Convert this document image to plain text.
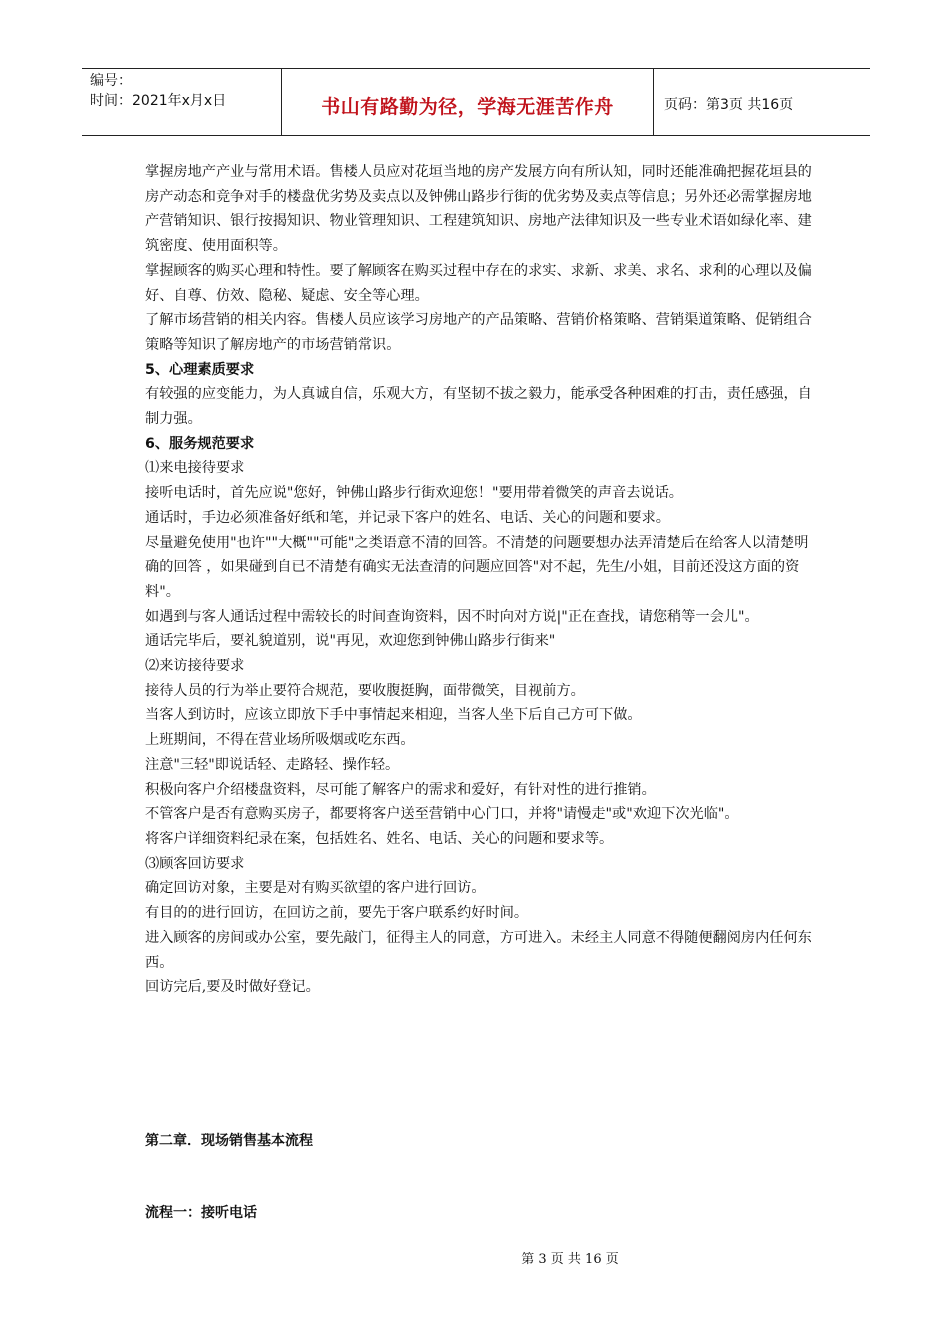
编号：
时间：2021年x月x日	书山有路勤为径，学海无涯苦作舟	页码：第3页 共16页

掌握房地产产业与常用术语。售楼人员应对花垣当地的房产发展方向有所认知，同时还能准确把握花垣县的房产动态和竞争对手的楼盘优劣势及卖点以及钟佛山路步行街的优劣势及卖点等信息；另外还必需掌握房地产营销知识、银行按揭知识、物业管理知识、工程建筑知识、房地产法律知识及一些专业术语如绿化率、建筑密度、使用面积等。

掌握顾客的购买心理和特性。要了解顾客在购买过程中存在的求实、求新、求美、求名、求利的心理以及偏好、自尊、仿效、隐秘、疑虑、安全等心理。

了解市场营销的相关内容。售楼人员应该学习房地产的产品策略、营销价格策略、营销渠道策略、促销组合策略等知识了解房地产的市场营销常识。

5、心理素质要求

有较强的应变能力，为人真诚自信，乐观大方，有坚韧不拔之毅力，能承受各种困难的打击，责任感强，自制力强。

6、服务规范要求

⑴来电接待要求

接听电话时，首先应说"您好，钟佛山路步行街欢迎您！"要用带着微笑的声音去说话。

通话时，手边必须准备好纸和笔，并记录下客户的姓名、电话、关心的问题和要求。

尽量避免使用"也许""大概""可能"之类语意不清的回答。不清楚的问题要想办法弄清楚后在给客人以清楚明确的回答 ，如果碰到自已不清楚有确实无法查清的问题应回答"对不起，先生/小姐，目前还没这方面的资料"。

如遇到与客人通话过程中需较长的时间查询资料，因不时向对方说|"正在查找，请您稍等一会儿"。

通话完毕后，要礼貌道别，说"再见，欢迎您到钟佛山路步行街来"

⑵来访接待要求

接待人员的行为举止要符合规范，要收腹挺胸，面带微笑，目视前方。

当客人到访时，应该立即放下手中事情起来相迎，当客人坐下后自己方可下做。

上班期间，不得在营业场所吸烟或吃东西。

注意"三轻"即说话轻、走路轻、操作轻。

积极向客户介绍楼盘资料，尽可能了解客户的需求和爱好，有针对性的进行推销。

不管客户是否有意购买房子，都要将客户送至营销中心门口，并将"请慢走"或"欢迎下次光临"。

将客户详细资料纪录在案，包括姓名、姓名、电话、关心的问题和要求等。

⑶顾客回访要求

确定回访对象，主要是对有购买欲望的客户进行回访。

有目的的进行回访，在回访之前，要先于客户联系约好时间。

进入顾客的房间或办公室，要先敲门，征得主人的同意，方可进入。未经主人同意不得随便翻阅房内任何东西。

回访完后,要及时做好登记。

第二章．现场销售基本流程
流程一：接听电话
第 3 页 共 16 页
